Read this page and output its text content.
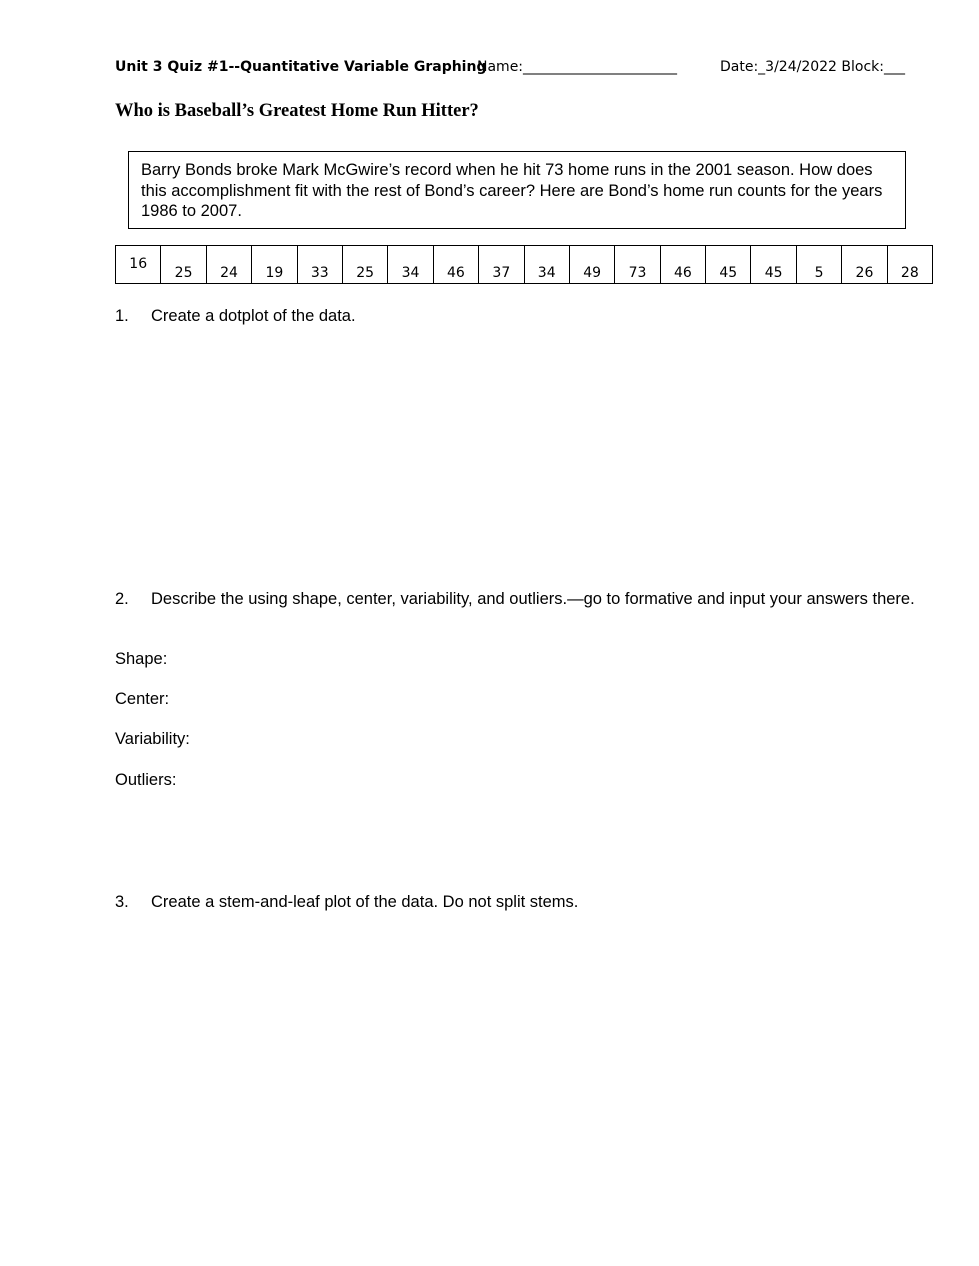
Unit 3 Quiz #1--Quantitative Variable Graphing
Name:______________________	Date:_3/24/2022 Block:___
Who is Baseball’s Greatest Home Run Hitter?
Barry Bonds broke Mark McGwire’s record when he hit 73 home runs in the 2001 season. How does this accomplishment fit with the rest of Bond’s career? Here are Bond’s home run counts for the years 1986 to 2007.
16	25	24	19	33	25	34	46	37	34	49	73	46	45	45	5	26	28
1. Create a dotplot of the data.
2. Describe the using shape, center, variability, and outliers.—go to formative and input your answers there.
Shape:
Center:
Variability:
Outliers:
3. Create a stem-and-leaf plot of the data. Do not split stems.
